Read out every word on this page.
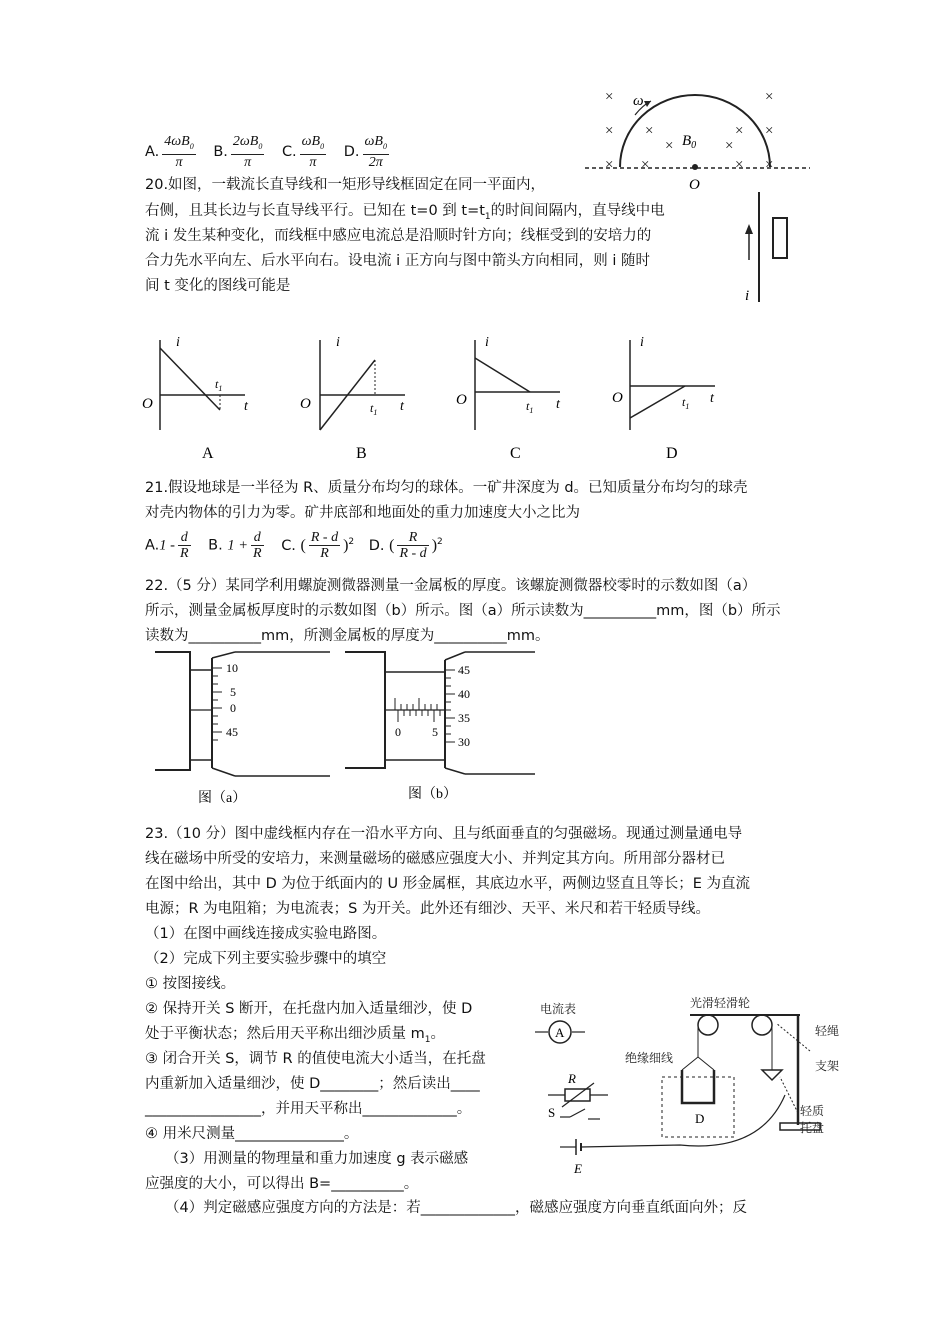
A. $\frac{4\omega B_0}{\pi} B$. $\frac{2\omega B_0}{\pi} C$. $\frac{\omega B_0}{\pi} D$. $\frac{\omega B_0}{2\pi}$
×	×
×	×
×	×
×	×
×	×
×	×
ω
$B_0$
O
20.如图，一载流长直导线和一矩形导线框固定在同一平面内，
右侧，且其长边与长直导线平行。已知在 t=0 到 $t=t_1$的时间间隔内，直导线中电
流 i 发生某种变化，而线框中感应电流总是沿顺时针方向；线框受到的安培力的
合力先水平向左、后水平向右。设电流 i 正方向与图中箭头方向相同，则 i 随时
间 t 变化的图线可能是
i
i
t
O
$t_1$
A
i
t
O	$t_1$
B
i
t
O	$t_1$
C
i
t
O	$t_1$
D
21.假设地球是一半径为 R、质量分布均匀的球体。一矿井深度为 d。已知质量分布均匀的球壳
对壳内物体的引力为零。矿井底部和地面处的重力加速度大小之比为
$A.1 - \frac{d}{R} B$. $1 + \frac{d}{R} C$. ( $\frac{R - d}{R} )^2$ D. ( $\frac{R}{R - d} )^2$
22.（5 分）某同学利用螺旋测微器测量一金属板的厚度。该螺旋测微器校零时的示数如图（a）
所示，测量金属板厚度时的示数如图（b）所示。图（a）所示读数为__________mm，图（b）所示
读数为__________mm，所测金属板的厚度为__________mm。
10
5
0
45
图（a）
0	5
45
40
35
30
图（b）
23.（10 分）图中虚线框内存在一沿水平方向、且与纸面垂直的匀强磁场。现通过测量通电导
线在磁场中所受的安培力，来测量磁场的磁感应强度大小、并判定其方向。所用部分器材已
在图中给出，其中 D 为位于纸面内的 U 形金属框，其底边水平，两侧边竖直且等长；E 为直流
电源；R 为电阻箱；为电流表；S 为开关。此外还有细沙、天平、米尺和若干轻质导线。
（1）在图中画线连接成实验电路图。
（2）完成下列主要实验步骤中的填空
① 按图接线。
② 保持开关 S 断开，在托盘内加入适量细沙，使 D
处于平衡状态；然后用天平称出细沙质量 $m_1$。
③ 闭合开关 S，调节 R 的值使电流大小适当，在托盘
内重新加入适量细沙，使 D________；然后读出____
________________，并用天平称出_____________。
④ 用米尺测量_______________。
（3）用测量的物理量和重力加速度 g 表示磁感
应强度的大小，可以得出 B=__________。
（4）判定磁感应强度方向的方法是：若_____________，磁感应强度方向垂直纸面向外；反
电流表	光滑轻滑轮
轻绳
支架
绝缘细线
轻质
托盘
A
R
S
E
D
